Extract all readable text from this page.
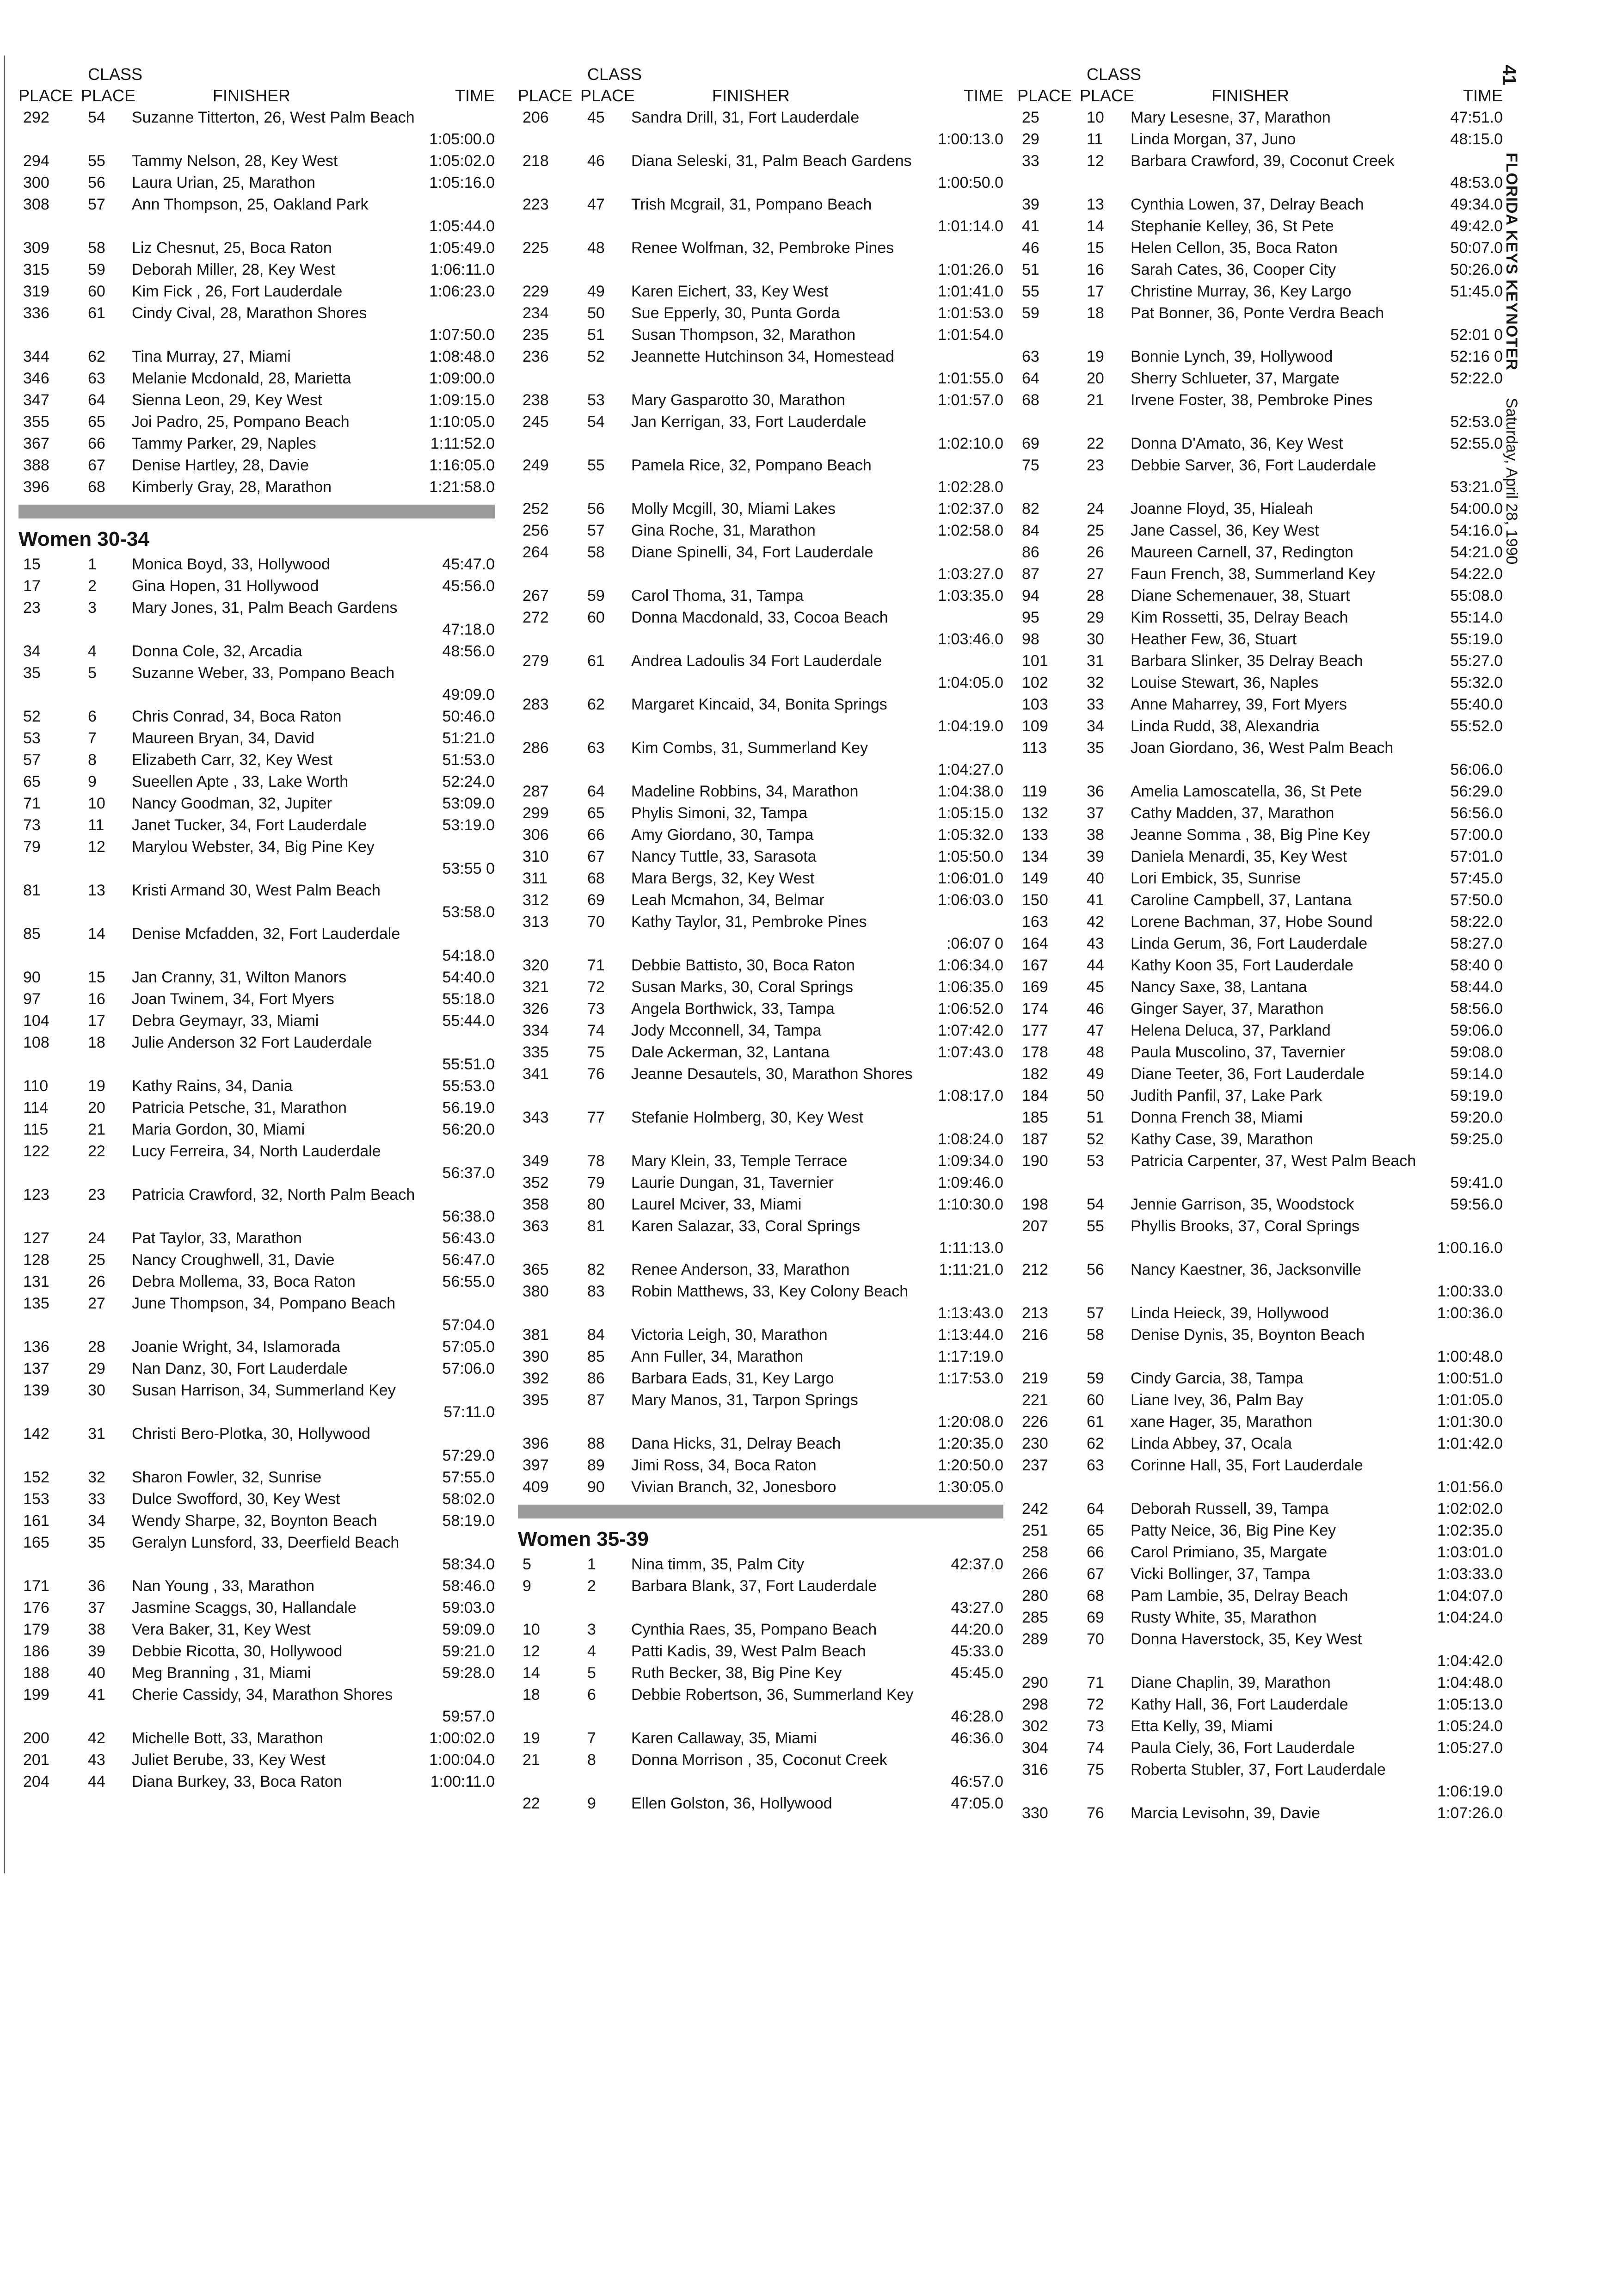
CLASS
PLACE PLACE	FINISHER	TIME
292 54 Suzanne Titterton, 26, West Palm Beach
1:05:00.0
294 55 Tammy Nelson, 28, Key West	1:05:02.0
300 56 Laura Urian, 25, Marathon	1:05:16.0
308 57 Ann Thompson, 25, Oakland Park
1:05:44.0
309 58 Liz Chesnut, 25, Boca Raton	1:05:49.0
315 59 Deborah Miller, 28, Key West	1:06:11.0
319 60 Kim Fick , 26, Fort Lauderdale	1:06:23.0
336 61 Cindy Cival, 28, Marathon Shores
1:07:50.0
344 62 Tina Murray, 27, Miami	1:08:48.0
346 63 Melanie Mcdonald, 28, Marietta	1:09:00.0
347 64 Sienna Leon, 29, Key West	1:09:15.0
355 65 Joi Padro, 25, Pompano Beach	1:10:05.0
367 66 Tammy Parker, 29, Naples	1:11:52.0
388 67 Denise Hartley, 28, Davie	1:16:05.0
396 68 Kimberly Gray, 28, Marathon	1:21:58.0
Women 30-34
15	1 Monica Boyd, 33, Hollywood	45:47.0
17	2 Gina Hopen, 31 Hollywood	45:56.0
23	3 Mary Jones, 31, Palm Beach Gardens
47:18.0
34	4 Donna Cole, 32, Arcadia	48:56.0
35	5 Suzanne Weber, 33, Pompano Beach
49:09.0
52	6 Chris Conrad, 34, Boca Raton	50:46.0
53	7 Maureen Bryan, 34, David	51:21.0
57	8 Elizabeth Carr, 32, Key West	51:53.0
65	9 Sueellen Apte , 33, Lake Worth	52:24.0
71	10 Nancy Goodman, 32, Jupiter	53:09.0
73	11 Janet Tucker, 34, Fort Lauderdale	53:19.0
79	12 Marylou Webster, 34, Big Pine Key
53:55 0
81	13 Kristi Armand 30, West Palm Beach
53:58.0
85	14 Denise Mcfadden, 32, Fort Lauderdale
54:18.0
90	15 Jan Cranny, 31, Wilton Manors	54:40.0
97	16 Joan Twinem, 34, Fort Myers	55:18.0
104 17 Debra Geymayr, 33, Miami	55:44.0
108 18 Julie Anderson 32 Fort Lauderdale
55:51.0
110	19 Kathy Rains, 34, Dania	55:53.0
114	20 Patricia Petsche, 31, Marathon	56.19.0
115	21 Maria Gordon, 30, Miami	56:20.0
122 22 Lucy Ferreira, 34, North Lauderdale
56:37.0
123 23 Patricia Crawford, 32, North Palm Beach
56:38.0
127 24 Pat Taylor, 33, Marathon	56:43.0
128 25 Nancy Croughwell, 31, Davie	56:47.0
131 26 Debra Mollema, 33, Boca Raton	56:55.0
135 27 June Thompson, 34, Pompano Beach
57:04.0
136 28 Joanie Wright, 34, Islamorada	57:05.0
137 29 Nan Danz, 30, Fort Lauderdale	57:06.0
139 30 Susan Harrison, 34, Summerland Key
57:11.0
142 31 Christi Bero-Plotka, 30, Hollywood
57:29.0
152 32 Sharon Fowler, 32, Sunrise	57:55.0
153 33 Dulce Swofford, 30, Key West	58:02.0
161 34 Wendy Sharpe, 32, Boynton Beach	58:19.0
165 35 Geralyn Lunsford, 33, Deerfield Beach
58:34.0
171 36 Nan Young , 33, Marathon	58:46.0
176 37 Jasmine Scaggs, 30, Hallandale	59:03.0
179 38 Vera Baker, 31, Key West	59:09.0
186 39 Debbie Ricotta, 30, Hollywood	59:21.0
188 40 Meg Branning , 31, Miami	59:28.0
199 41 Cherie Cassidy, 34, Marathon Shores
59:57.0
200 42 Michelle Bott, 33, Marathon	1:00:02.0
201 43 Juliet Berube, 33, Key West	1:00:04.0
204 44 Diana Burkey, 33, Boca Raton	1:00:11.0
CLASS
PLACE PLACE	FINISHER	TIME
206 45 Sandra Drill, 31, Fort Lauderdale
1:00:13.0
218 46 Diana Seleski, 31, Palm Beach Gardens
1:00:50.0
223 47 Trish Mcgrail, 31, Pompano Beach
1:01:14.0
225 48 Renee Wolfman, 32, Pembroke Pines
1:01:26.0
229 49 Karen Eichert, 33, Key West	1:01:41.0
234 50 Sue Epperly, 30, Punta Gorda	1:01:53.0
235 51 Susan Thompson, 32, Marathon	1:01:54.0
236 52 Jeannette Hutchinson 34, Homestead
1:01:55.0
238 53 Mary Gasparotto 30, Marathon	1:01:57.0
245 54 Jan Kerrigan, 33, Fort Lauderdale
1:02:10.0
249 55 Pamela Rice, 32, Pompano Beach
1:02:28.0
252 56 Molly Mcgill, 30, Miami Lakes	1:02:37.0
256 57 Gina Roche, 31, Marathon	1:02:58.0
264 58 Diane Spinelli, 34, Fort Lauderdale
1:03:27.0
267 59 Carol Thoma, 31, Tampa	1:03:35.0
272 60 Donna Macdonald, 33, Cocoa Beach
1:03:46.0
279 61 Andrea Ladoulis 34 Fort Lauderdale
1:04:05.0
283 62 Margaret Kincaid, 34, Bonita Springs
1:04:19.0
286 63 Kim Combs, 31, Summerland Key
1:04:27.0
287 64 Madeline Robbins, 34, Marathon	1:04:38.0
299 65 Phylis Simoni, 32, Tampa	1:05:15.0
306 66 Amy Giordano, 30, Tampa	1:05:32.0
310 67 Nancy Tuttle, 33, Sarasota	1:05:50.0
311	68 Mara Bergs, 32, Key West	1:06:01.0
312 69 Leah Mcmahon, 34, Belmar	1:06:03.0
313 70 Kathy Taylor, 31, Pembroke Pines
:06:07 0
320 71 Debbie Battisto, 30, Boca Raton	1:06:34.0
321 72 Susan Marks, 30, Coral Springs	1:06:35.0
326 73 Angela Borthwick, 33, Tampa	1:06:52.0
334 74 Jody Mcconnell, 34, Tampa	1:07:42.0
335 75 Dale Ackerman, 32, Lantana	1:07:43.0
341 76 Jeanne Desautels, 30, Marathon Shores
1:08:17.0
343 77 Stefanie Holmberg, 30, Key West
1:08:24.0
349 78 Mary Klein, 33, Temple Terrace	1:09:34.0
352 79 Laurie Dungan, 31, Tavernier	1:09:46.0
358 80 Laurel Mciver, 33, Miami	1:10:30.0
363 81 Karen Salazar, 33, Coral Springs
1:11:13.0
365 82 Renee Anderson, 33, Marathon	1:11:21.0
380 83 Robin Matthews, 33, Key Colony Beach
1:13:43.0
381 84 Victoria Leigh, 30, Marathon	1:13:44.0
390 85 Ann Fuller, 34, Marathon	1:17:19.0
392 86 Barbara Eads, 31, Key Largo	1:17:53.0
395 87 Mary Manos, 31, Tarpon Springs
1:20:08.0
396 88 Dana Hicks, 31, Delray Beach	1:20:35.0
397 89 Jimi Ross, 34, Boca Raton	1:20:50.0
409 90 Vivian Branch, 32, Jonesboro	1:30:05.0
Women 35-39
5	1 Nina timm, 35, Palm City	42:37.0
9	2 Barbara Blank, 37, Fort Lauderdale
43:27.0
10	3 Cynthia Raes, 35, Pompano Beach	44:20.0
12	4 Patti Kadis, 39, West Palm Beach	45:33.0
14	5 Ruth Becker, 38, Big Pine Key	45:45.0
18	6 Debbie Robertson, 36, Summerland Key
46:28.0
19	7 Karen Callaway, 35, Miami	46:36.0
21	8 Donna Morrison , 35, Coconut Creek
46:57.0
22	9 Ellen Golston, 36, Hollywood	47:05.0
CLASS
PLACE PLACE	FINISHER	TIME
25	10 Mary Lesesne, 37, Marathon	47:51.0
29	11 Linda Morgan, 37, Juno	48:15.0
33	12 Barbara Crawford, 39, Coconut Creek
48:53.0
39	13 Cynthia Lowen, 37, Delray Beach	49:34.0
41	14 Stephanie Kelley, 36, St Pete	49:42.0
46	15 Helen Cellon, 35, Boca Raton	50:07.0
51	16 Sarah Cates, 36, Cooper City	50:26.0
55	17 Christine Murray, 36, Key Largo	51:45.0
59	18 Pat Bonner, 36, Ponte Verdra Beach
52:01 0
63	19 Bonnie Lynch, 39, Hollywood	52:16 0
64	20 Sherry Schlueter, 37, Margate	52:22.0
68	21 Irvene Foster, 38, Pembroke Pines
52:53.0
69	22 Donna D'Amato, 36, Key West	52:55.0
75	23 Debbie Sarver, 36, Fort Lauderdale
53:21.0
82	24 Joanne Floyd, 35, Hialeah	54:00.0
84	25 Jane Cassel, 36, Key West	54:16.0
86	26 Maureen Carnell, 37, Redington	54:21.0
87	27 Faun French, 38, Summerland Key	54:22.0
94	28 Diane Schemenauer, 38, Stuart	55:08.0
95	29 Kim Rossetti, 35, Delray Beach	55:14.0
98	30 Heather Few, 36, Stuart	55:19.0
101 31 Barbara Slinker, 35 Delray Beach	55:27.0
102 32 Louise Stewart, 36, Naples	55:32.0
103 33 Anne Maharrey, 39, Fort Myers	55:40.0
109 34 Linda Rudd, 38, Alexandria	55:52.0
113	35 Joan Giordano, 36, West Palm Beach
56:06.0
119	36 Amelia Lamoscatella, 36, St Pete	56:29.0
132 37 Cathy Madden, 37, Marathon	56:56.0
133 38 Jeanne Somma , 38, Big Pine Key	57:00.0
134 39 Daniela Menardi, 35, Key West	57:01.0
149 40 Lori Embick, 35, Sunrise	57:45.0
150 41 Caroline Campbell, 37, Lantana	57:50.0
163 42 Lorene Bachman, 37, Hobe Sound	58:22.0
164 43 Linda Gerum, 36, Fort Lauderdale	58:27.0
167 44 Kathy Koon 35, Fort Lauderdale	58:40 0
169 45 Nancy Saxe, 38, Lantana	58:44.0
174 46 Ginger Sayer, 37, Marathon	58:56.0
177 47 Helena Deluca, 37, Parkland	59:06.0
178 48 Paula Muscolino, 37, Tavernier	59:08.0
182 49 Diane Teeter, 36, Fort Lauderdale	59:14.0
184 50 Judith Panfil, 37, Lake Park	59:19.0
185 51 Donna French 38, Miami	59:20.0
187 52 Kathy Case, 39, Marathon	59:25.0
190 53 Patricia Carpenter, 37, West Palm Beach
59:41.0
198 54 Jennie Garrison, 35, Woodstock	59:56.0
207 55 Phyllis Brooks, 37, Coral Springs
1:00.16.0
212 56 Nancy Kaestner, 36, Jacksonville
1:00:33.0
213 57 Linda Heieck, 39, Hollywood	1:00:36.0
216 58 Denise Dynis, 35, Boynton Beach
1:00:48.0
219 59 Cindy Garcia, 38, Tampa	1:00:51.0
221 60 Liane Ivey, 36, Palm Bay	1:01:05.0
226 61 xane Hager, 35, Marathon	1:01:30.0
230 62 Linda Abbey, 37, Ocala	1:01:42.0
237 63 Corinne Hall, 35, Fort Lauderdale
1:01:56.0
242 64 Deborah Russell, 39, Tampa	1:02:02.0
251 65 Patty Neice, 36, Big Pine Key	1:02:35.0
258 66 Carol Primiano, 35, Margate	1:03:01.0
266 67 Vicki Bollinger, 37, Tampa	1:03:33.0
280 68 Pam Lambie, 35, Delray Beach	1:04:07.0
285 69 Rusty White, 35, Marathon	1:04:24.0
289 70 Donna Haverstock, 35, Key West
1:04:42.0
290 71 Diane Chaplin, 39, Marathon	1:04:48.0
298 72 Kathy Hall, 36, Fort Lauderdale	1:05:13.0
302 73 Etta Kelly, 39, Miami	1:05:24.0
304 74 Paula Ciely, 36, Fort Lauderdale	1:05:27.0
316 75 Roberta Stubler, 37, Fort Lauderdale
1:06:19.0
330 76 Marcia Levisohn, 39, Davie	1:07:26.0
41
FLORIDA KEYS KEYNOTER
Saturday, April 28, 1990
